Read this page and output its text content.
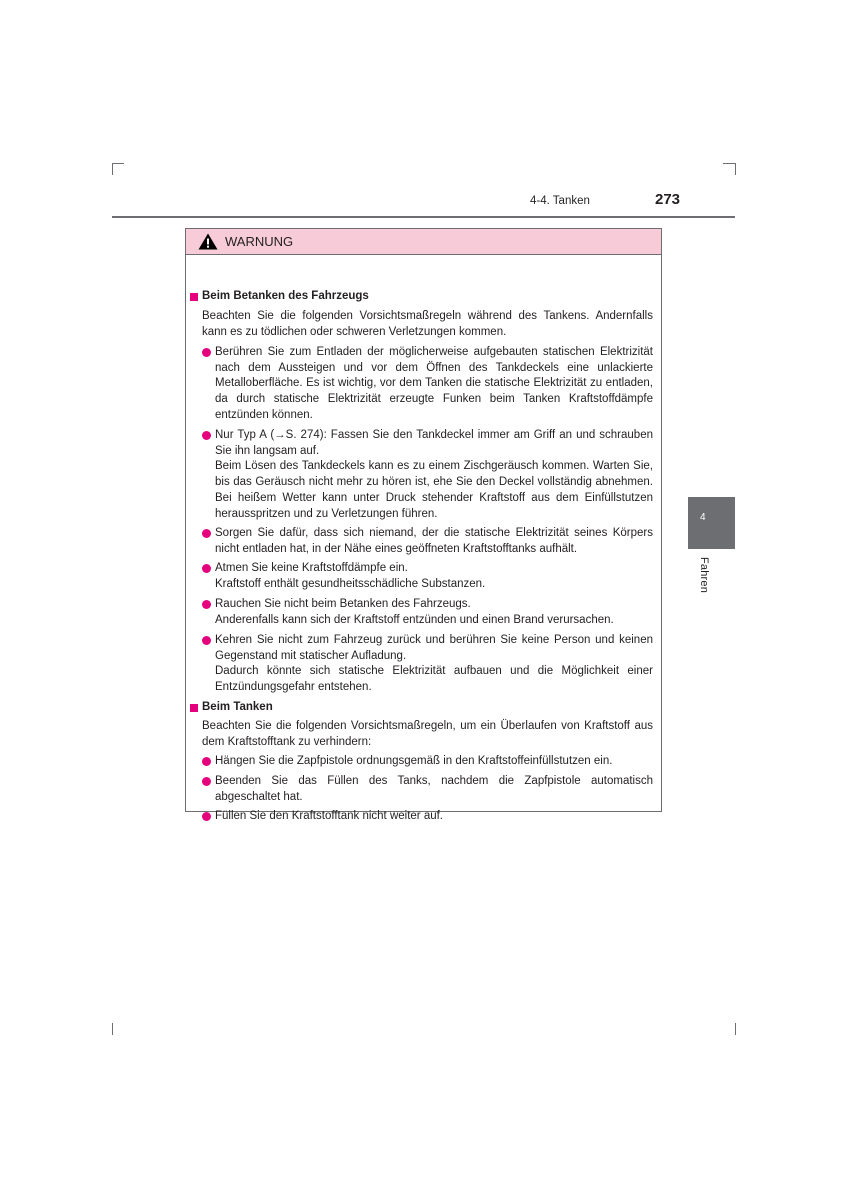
4-4. Tanken	273
4
Fahren
WARNUNG
Beim Betanken des Fahrzeugs
Beachten Sie die folgenden Vorsichtsmaßregeln während des Tankens. Andernfalls kann es zu tödlichen oder schweren Verletzungen kommen.
Berühren Sie zum Entladen der möglicherweise aufgebauten statischen Elektrizität nach dem Aussteigen und vor dem Öffnen des Tankdeckels eine unlackierte Metalloberfläche. Es ist wichtig, vor dem Tanken die statische Elektrizität zu entladen, da durch statische Elektrizität erzeugte Funken beim Tanken Kraftstoffdämpfe entzünden können.
Nur Typ A (→S. 274): Fassen Sie den Tankdeckel immer am Griff an und schrauben Sie ihn langsam auf.
Beim Lösen des Tankdeckels kann es zu einem Zischgeräusch kommen. Warten Sie, bis das Geräusch nicht mehr zu hören ist, ehe Sie den Deckel vollständig abnehmen. Bei heißem Wetter kann unter Druck stehender Kraftstoff aus dem Einfüllstutzen herausspritzen und zu Verletzungen führen.
Sorgen Sie dafür, dass sich niemand, der die statische Elektrizität seines Körpers nicht entladen hat, in der Nähe eines geöffneten Kraftstofftanks aufhält.
Atmen Sie keine Kraftstoffdämpfe ein.
Kraftstoff enthält gesundheitsschädliche Substanzen.
Rauchen Sie nicht beim Betanken des Fahrzeugs.
Anderenfalls kann sich der Kraftstoff entzünden und einen Brand verursachen.
Kehren Sie nicht zum Fahrzeug zurück und berühren Sie keine Person und keinen Gegenstand mit statischer Aufladung.
Dadurch könnte sich statische Elektrizität aufbauen und die Möglichkeit einer Entzündungsgefahr entstehen.
Beim Tanken
Beachten Sie die folgenden Vorsichtsmaßregeln, um ein Überlaufen von Kraftstoff aus dem Kraftstofftank zu verhindern:
Hängen Sie die Zapfpistole ordnungsgemäß in den Kraftstoffeinfüllstutzen ein.
Beenden Sie das Füllen des Tanks, nachdem die Zapfpistole automatisch abgeschaltet hat.
Füllen Sie den Kraftstofftank nicht weiter auf.
